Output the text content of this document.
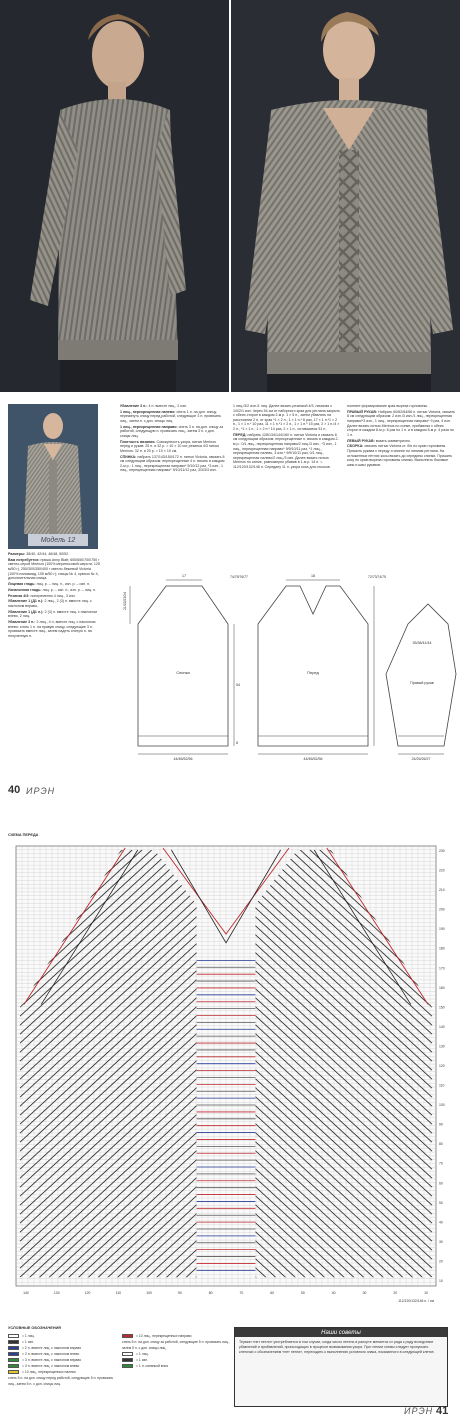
Модель 12

Размеры: 38/40, 42/44, 46/48, 50/52.

Вам потребуется: пряжа Anny Blatt; 600/650/700/750 г светло-серой Merinos (100% мериносовой шерсти, 125 м/50 г), 250/300/350/400 г светло-бежевой Victoria (100% полиамид, 105 м/50 г); спицы № 4, крючок № 4, дополнительная спица.

Лицевая гладь: лиц. р. – лиц. п., изн. р. – изн. п.

Изнаночная гладь: лиц. р. – изн. п., изн. р. – лиц. п.

Резинка 4/3: попеременно 4 лиц., 3 изн.

Убавление 1 (Д1 п.): 2 лиц., 2 (3) п. вместе лиц. с наклоном вправо.

Убавление 1 (Д1 л.): 2 (3) п. вместе лиц. с наклоном влево, 2 лиц.

Убавление 3 п.: 2 лиц., 4 п. вместе лиц. с наклоном влево: снять 1 п. на правую спицу, следующие 3 п. провязать вместе лиц., затем надеть снятую п. на полученную п.

Убавление 3 п.: 4 п. вместе лиц., 2 изн.

1 лиц., перекрещенная налево: снять 1 п. на доп. спицу, перекинуть спицу перед работой, следующие 3 п. провязать лиц., затем п. с доп. спицы лиц.

1 лиц., перекрещенная направо: снять 3 п. на доп. спицу за работой, следующую п. провязать лиц., затем 3 п. с доп. спицы лиц.

Плотность вязания. Совокупность узора, нитью Merinos перед и рукав: 25 п. и 32 р. = 10 × 10 см; резинка 4/3 нитью Merinos: 32 п. и 20 р. = 10 × 10 см.

СПИНКА: набрать 137/143/150/172 п. нитью Victoria, связать 8 см следующим образом: перекрещенные 4 п. вязать в каждом 2-м р.: 1 лиц., перекрещенная направо* 9/10/12 раз, *3 изн., 1 лиц., перекрещенная направо* 9/10/11/12 раз, 3/3/3/3 изн.

1 лиц./3/2 изн./1 лиц. Далее вязать резинкой 4/3, начиная с 1/0/2/1 изн. Через 54 см от наборного края для реглана закрыть с обеих сторон в каждом 2-м р. 1 × 5 п., затем убавлять на расстоянии 2 п. от края *1 × 2 п., 1 × 1 п.* 6 раз, 17 × 1 п.*1 × 2 п., 1 × 1 п.* 10 раз, 11 × 1 п.*1 × 2 п., 1 × 1 п.* 15 раз, 2 × 1 п./4 × 2 п., *1 × 1 п., 1 × 2 п.* 14 раз, 2 × 1 п., оставшиеся 51 п.

ПЕРЕД: набрать 128/134/144/160 п. нитью Victoria и связать 8 см следующим образом: перекрещенные п. вязать в каждом 2-м р.: 0/1 лиц., перекрещенная направо/2 лиц./3 изн., *3 изн., 1 лиц., перекрещенная направо* 9/9/10/11 раз, *1 лиц., перекрещенная налево, 3 изн.* 9/9/10/11 раз, 0/1 лиц., перекрещенная налево/2 лиц./3 изн. Далее вязать нитью Merinos по схеме, равномерно убавив в 1-м р. 14 п. = 112/120/132/146 п. Середину 11 п. узора коса для откосов.

полните формирование края выреза горловины.

ПРАВЫЙ РУКАВ: Набрать 60/62/64/66 п. нитью Victoria, связать 8 см следующим образом: 2 изн./3 изн./1 лиц., перекрещенная направо/*3 изн., 1 лиц., перекрещенная направо* 9 раз, 4 изн. Далее вязать нитью Merinos по схеме, прибавляя с обеих сторон в каждом 8-м р. 8 раз по 1 п. и в каждом 6-м р. 4 раза по 1 п.

ЛЕВЫЙ РУКАВ: вязать симметрично.

СБОРКА: связать нитью Victoria ст. б/н по краю горловины. Пришить рукава к переду и спинке по линиям реглана. На отложенных петлях косы вязать до середины спинки. Пришить косу по краю выреза горловины спинки. Выполнить боковые швы и швы рукавов.

Спинка	Перед
Правый рукав
44/46/52/56	44/46/52/56	24/25/26/27
35/38/41/44
17	18
74/75/76/77	72/73/74/75
54
8
21/22/23/24
40 ИРЭН
СХЕМА ПЕРЕДА
230
220
210
200
190
180
170
160
150
140
130
120
110
100
90
80
70
60
50
40
30
20
10
140	130	120	110	100	90	80	70	60	50	40	30	20	10
112/120/132/146 п. / см
УСЛОВНЫЕ ОБОЗНАЧЕНИЯ
= 1 лиц.
= 1 изн.
= 2 п. вместе лиц. с наклоном вправо
= 2 п. вместе лиц. с наклоном влево
= 3 п. вместе лиц. с наклоном вправо
= 3 п. вместе лиц. с наклоном влево
= 10 лиц., перекрещенных налево
снять 5 п. на доп. спицу перед работой, следующие 5 п. провязать лиц., затем 5 п. с доп. спицы лиц.
= 10 лиц., перекрещенных направо
снять 5 п. на доп. спицу за работой, следующие 5 п. провязать лиц., затем 5 п. с доп. спицы лиц.
= 1 лиц.
= 1 изн.
= 1 п. изнанкой вниз
Наши советы
Термин «нет петли» употребляется в том случае, когда число петель в рапорте меняется от ряда к ряду вследствие убавлений и прибавлений, происходящих в процессе вывязывания узора. При чтении схемы следует пропускать клеточки с обозначением «нет петли», переходить к выполнению условного знака, показанного в следующей клетке.
ИРЭН 41
